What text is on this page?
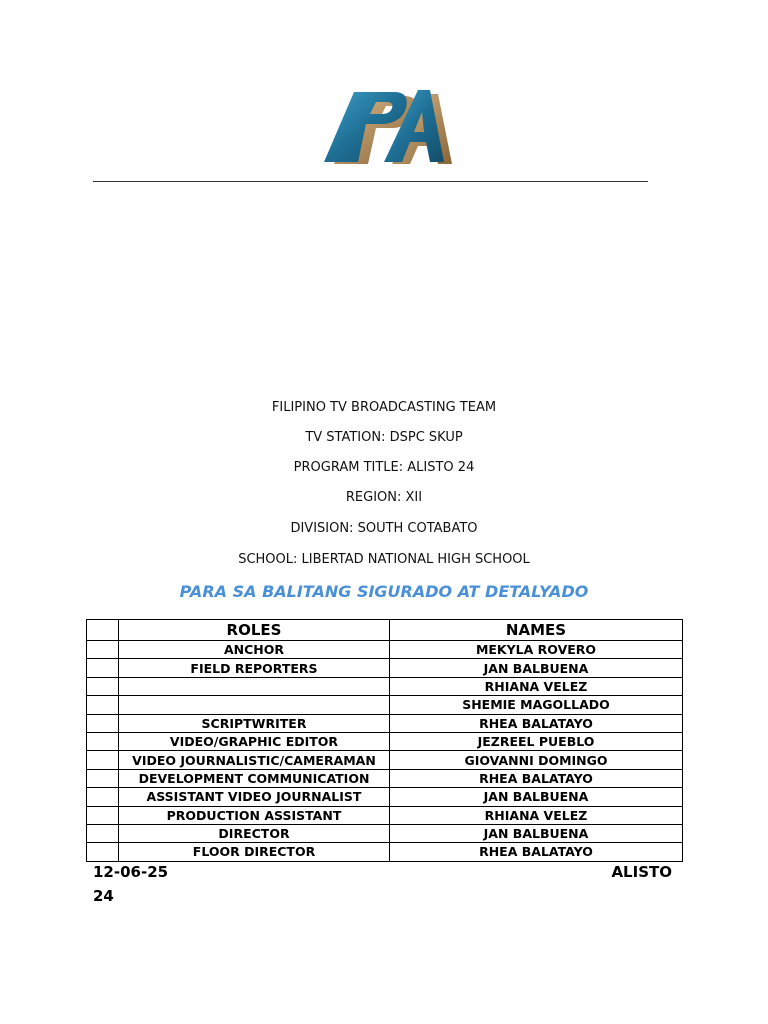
FILIPINO TV BROADCASTING TEAM
TV STATION: DSPC SKUP
PROGRAM TITLE: ALISTO 24
REGION: XII
DIVISION: SOUTH COTABATO
SCHOOL: LIBERTAD NATIONAL HIGH SCHOOL
PARA SA BALITANG SIGURADO AT DETALYADO
	ROLES	NAMES
	ANCHOR	MEKYLA ROVERO
	FIELD REPORTERS	JAN BALBUENA
		RHIANA VELEZ
		SHEMIE MAGOLLADO
	SCRIPTWRITER	RHEA BALATAYO
	VIDEO/GRAPHIC EDITOR	JEZREEL PUEBLO
	VIDEO JOURNALISTIC/CAMERAMAN	GIOVANNI DOMINGO
	DEVELOPMENT COMMUNICATION	RHEA BALATAYO
	ASSISTANT VIDEO JOURNALIST	JAN BALBUENA
	PRODUCTION ASSISTANT	RHIANA VELEZ
	DIRECTOR	JAN BALBUENA
	FLOOR DIRECTOR	RHEA BALATAYO
12-06-25	ALISTO
24
